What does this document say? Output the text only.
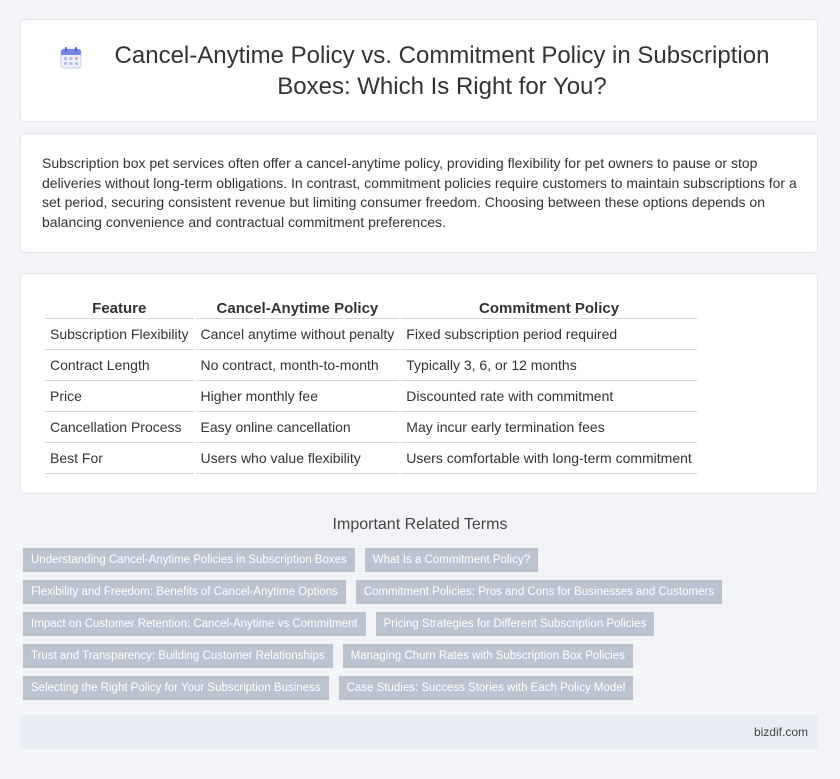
Cancel-Anytime Policy vs. Commitment Policy in Subscription Boxes: Which Is Right for You?

Subscription box pet services often offer a cancel-anytime policy, providing flexibility for pet owners to pause or stop deliveries without long-term obligations. In contrast, commitment policies require customers to maintain subscriptions for a set period, securing consistent revenue but limiting consumer freedom. Choosing between these options depends on balancing convenience and contractual commitment preferences.

Feature	Cancel-Anytime Policy	Commitment Policy
Subscription Flexibility	Cancel anytime without penalty	Fixed subscription period required
Contract Length	No contract, month-to-month	Typically 3, 6, or 12 months
Price	Higher monthly fee	Discounted rate with commitment
Cancellation Process	Easy online cancellation	May incur early termination fees
Best For	Users who value flexibility	Users comfortable with long-term commitment
Important Related Terms
Understanding Cancel-Anytime Policies in Subscription Boxes	What Is a Commitment Policy?
Flexibility and Freedom: Benefits of Cancel-Anytime Options	Commitment Policies: Pros and Cons for Businesses and Customers
Impact on Customer Retention: Cancel-Anytime vs Commitment	Pricing Strategies for Different Subscription Policies
Trust and Transparency: Building Customer Relationships	Managing Churn Rates with Subscription Box Policies
Selecting the Right Policy for Your Subscription Business	Case Studies: Success Stories with Each Policy Model
bizdif.com
